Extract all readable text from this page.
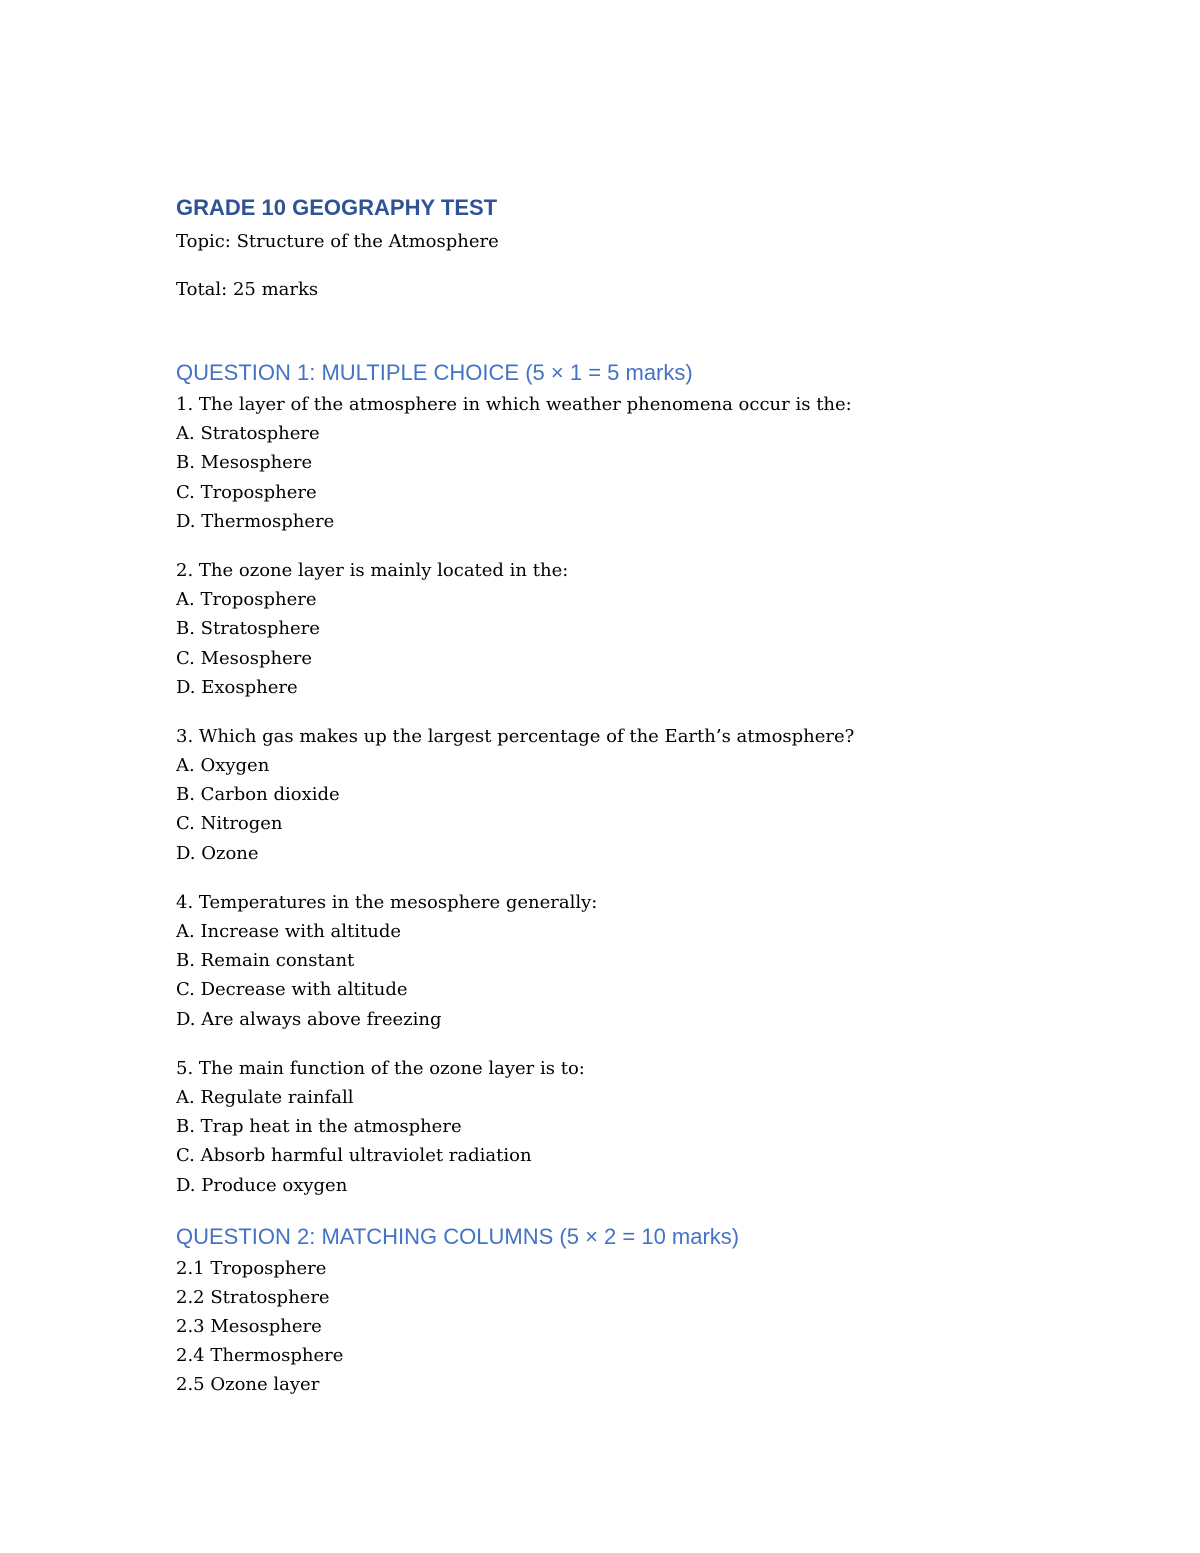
GRADE 10 GEOGRAPHY TEST

Topic: Structure of the Atmosphere

Total: 25 marks

QUESTION 1: MULTIPLE CHOICE (5 × 1 = 5 marks)

1. The layer of the atmosphere in which weather phenomena occur is the:

A. Stratosphere

B. Mesosphere

C. Troposphere

D. Thermosphere

2. The ozone layer is mainly located in the:

A. Troposphere

B. Stratosphere

C. Mesosphere

D. Exosphere

3. Which gas makes up the largest percentage of the Earth’s atmosphere?

A. Oxygen

B. Carbon dioxide

C. Nitrogen

D. Ozone

4. Temperatures in the mesosphere generally:

A. Increase with altitude

B. Remain constant

C. Decrease with altitude

D. Are always above freezing

5. The main function of the ozone layer is to:

A. Regulate rainfall

B. Trap heat in the atmosphere

C. Absorb harmful ultraviolet radiation

D. Produce oxygen

QUESTION 2: MATCHING COLUMNS (5 × 2 = 10 marks)

2.1 Troposphere

2.2 Stratosphere

2.3 Mesosphere

2.4 Thermosphere

2.5 Ozone layer
